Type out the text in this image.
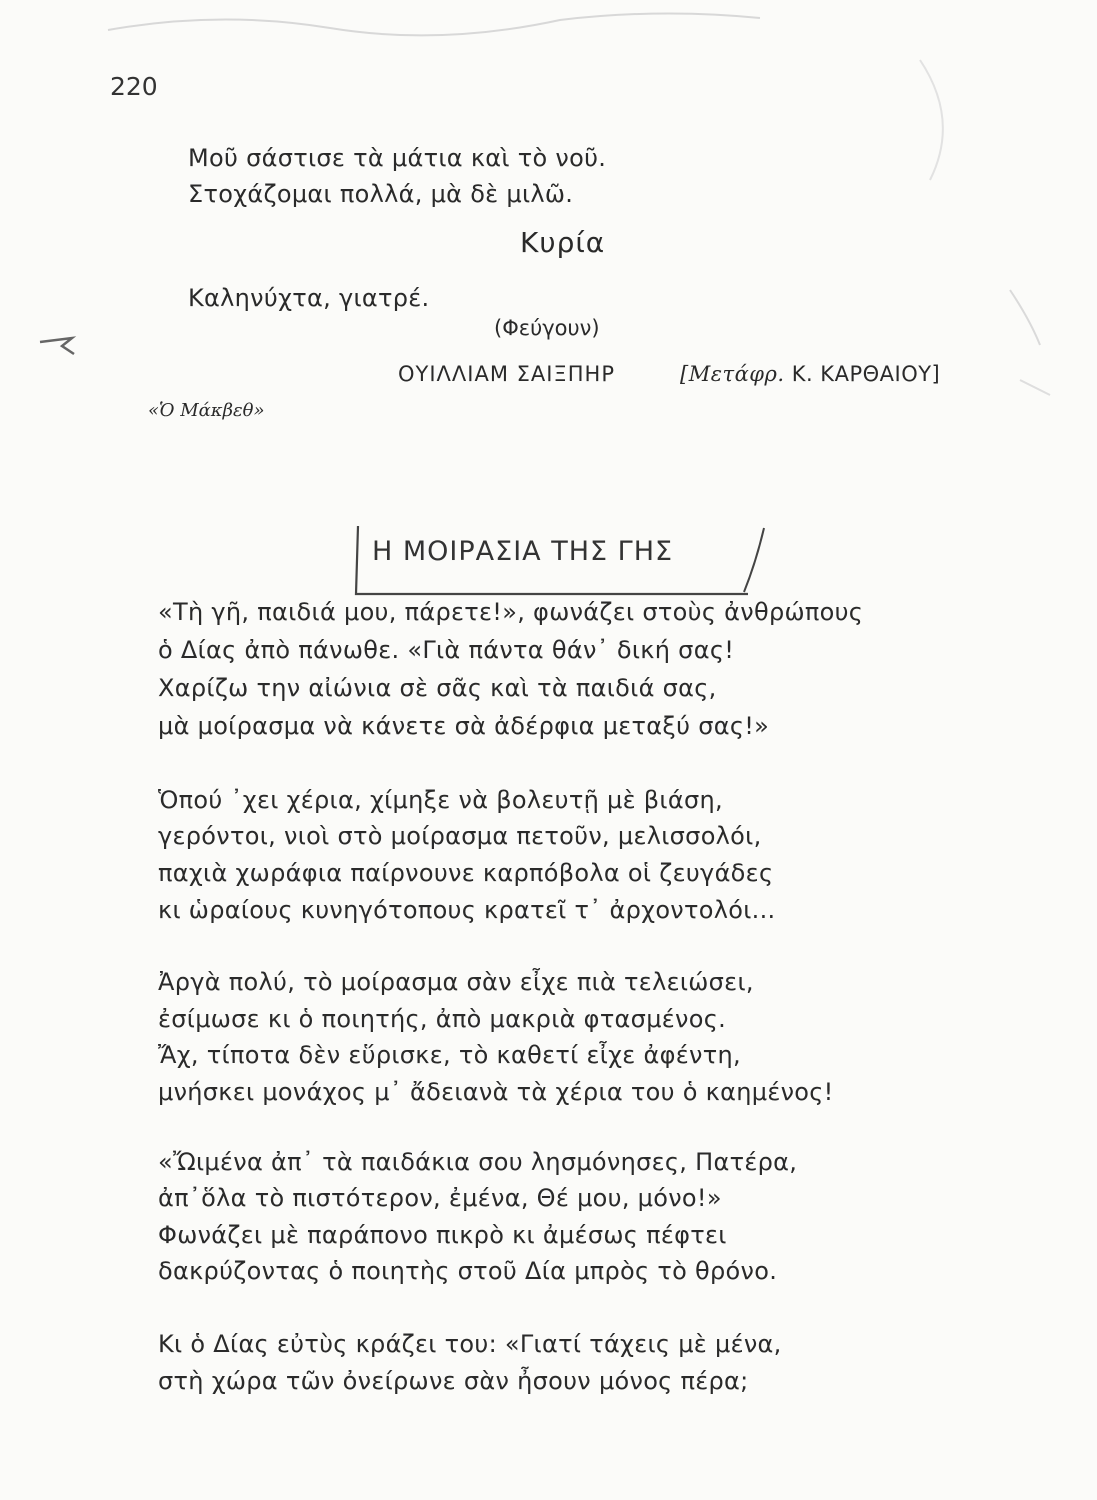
220
Μοῦ σάστισε τὰ μάτια καὶ τὸ νοῦ.
Στοχάζομαι πολλά, μὰ δὲ μιλῶ.
Κυρία
Καληνύχτα, γιατρέ.
(Φεύγουν)
ΟΥΙΛΛΙΑΜ ΣΑΙΞΠΗΡ	[Μετάφρ. Κ. ΚΑΡΘΑΙΟΥ]
«Ὁ Μάκβεθ»
Η ΜΟΙΡΑΣΙΑ ΤΗΣ ΓΗΣ
«Τὴ γῆ, παιδιά μου, πάρετε!», φωνάζει στοὺς ἀνθρώπους
ὁ Δίας ἀπὸ πάνωθε. «Γιὰ πάντα θάν᾽ δική σας!
Χαρίζω την αἰώνια σὲ σᾶς καὶ τὰ παιδιά σας,
μὰ μοίρασμα νὰ κάνετε σὰ ἀδέρφια μεταξύ σας!»
Ὁπού ᾽χει χέρια, χίμηξε νὰ βολευτῇ μὲ βιάση,
γερόντοι, νιοὶ στὸ μοίρασμα πετοῦν, μελισσολόι,
παχιὰ χωράφια παίρνουνε καρπόβολα οἱ ζευγάδες
κι ὡραίους κυνηγότοπους κρατεῖ τ᾽ ἀρχοντολόι...
Ἀργὰ πολύ, τὸ μοίρασμα σὰν εἶχε πιὰ τελειώσει,
ἐσίμωσε κι ὁ ποιητής, ἀπὸ μακριὰ φτασμένος.
Ἄχ, τίποτα δὲν εὕρισκε, τὸ καθετί εἶχε ἀφέντη,
μνήσκει μονάχος μ᾽ ἄδειανὰ τὰ χέρια του ὁ καημένος!
«Ὤιμένα ἀπ᾽ τὰ παιδάκια σου λησμόνησες, Πατέρα,
ἀπ᾽ὅλα τὸ πιστότερον, ἐμένα, Θέ μου, μόνο!»
Φωνάζει μὲ παράπονο πικρὸ κι ἀμέσως πέφτει
δακρύζοντας ὁ ποιητὴς στοῦ Δία μπρὸς τὸ θρόνο.
Κι ὁ Δίας εὐτὺς κράζει του: «Γιατί τάχεις μὲ μένα,
στὴ χώρα τῶν ὀνείρωνε σὰν ἦσουν μόνος πέρα;
